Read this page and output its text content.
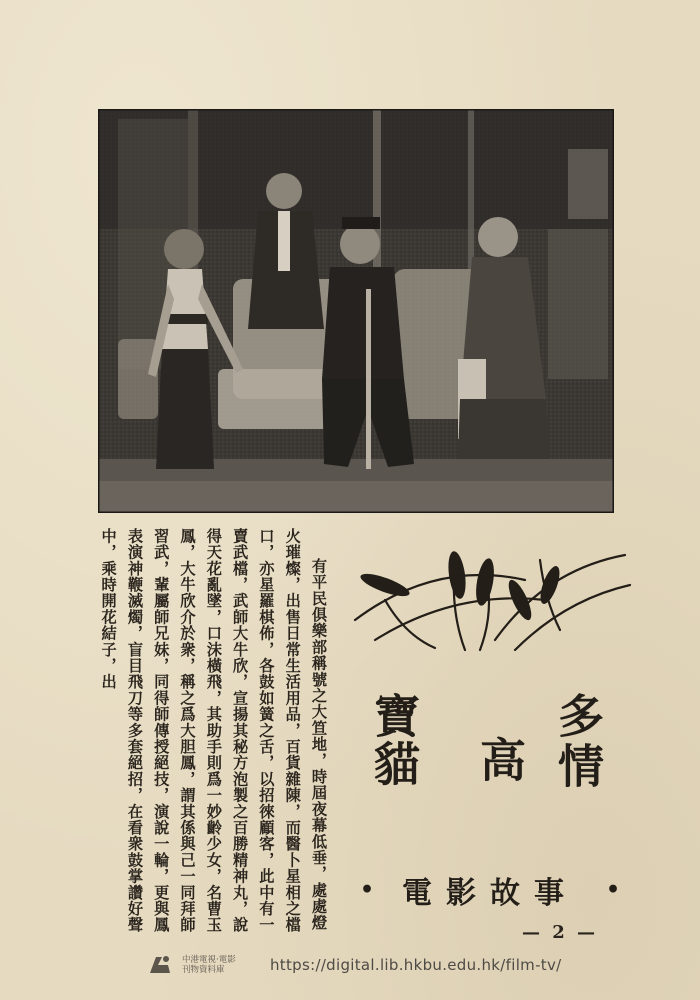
有平民俱樂部稱號之大笪地，時屆夜幕低垂，處處燈火璀燦，出售日常生活用品，百貨雜陳，而醫卜星相之檔口，亦星羅棋佈，各鼓如簧之舌，以招徠顧客，此中有一賣武檔，武師大牛欣，宣揚其秘方泡製之百勝精神丸，說得天花亂墜，口沫橫飛，其助手則爲一妙齡少女，名曹玉鳳，大牛欣介於衆，稱之爲大胆鳳，謂其係與己一同拜師習武，輩屬師兄妹，同得師傳授絕技，演說一輪，更與鳳表演神鞭滅燭，盲目飛刀等多套絕招，在看衆鼓掌讚好聲中，乘時開花結子，出

多情
高
寶貓
• 電影故事 •
— 2 —
中港電視·電影
刊物資料庫	https://digital.lib.hkbu.edu.hk/film-tv/
